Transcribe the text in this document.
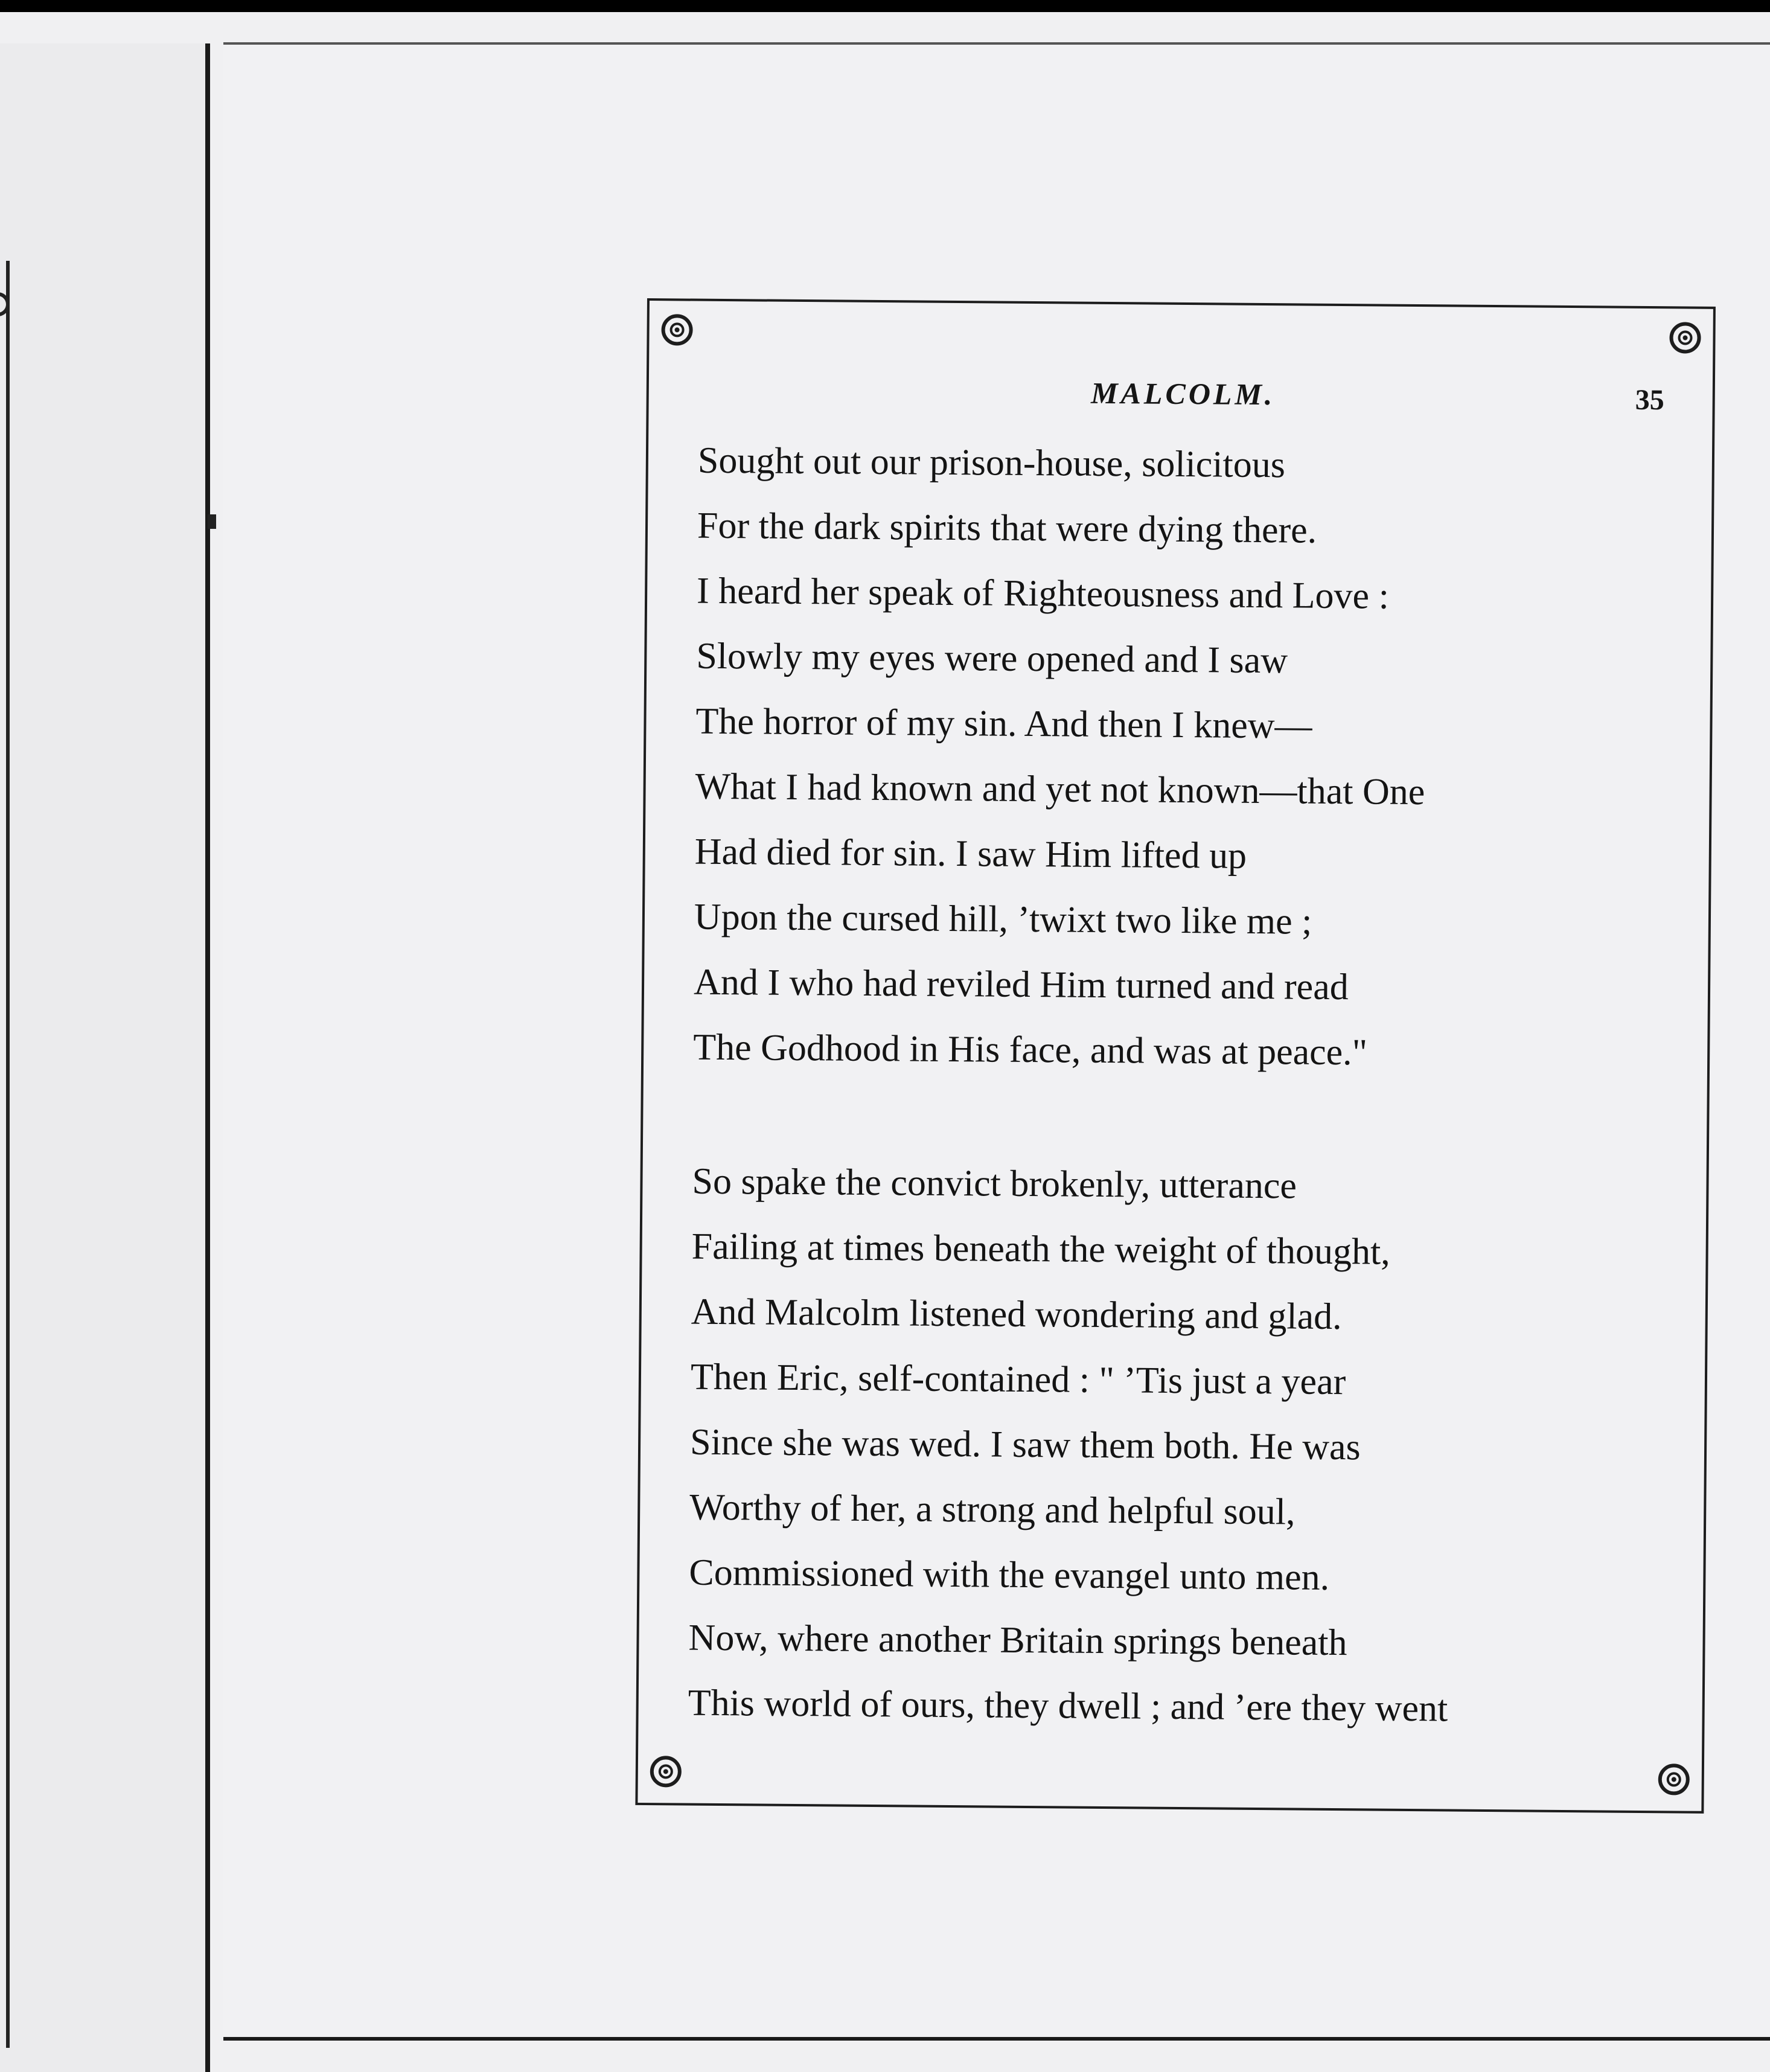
MALCOLM.	35
Sought out our prison-house, solicitous
For the dark spirits that were dying there.
I heard her speak of Righteousness and Love :
Slowly my eyes were opened and I saw
The horror of my sin. And then I knew—
What I had known and yet not known—that One
Had died for sin. I saw Him lifted up
Upon the cursed hill, ’twixt two like me ;
And I who had reviled Him turned and read
The Godhood in His face, and was at peace."
So spake the convict brokenly, utterance
Failing at times beneath the weight of thought,
And Malcolm listened wondering and glad.
Then Eric, self-contained : " ’Tis just a year
Since she was wed. I saw them both. He was
Worthy of her, a strong and helpful soul,
Commissioned with the evangel unto men.
Now, where another Britain springs beneath
This world of ours, they dwell ; and ’ere they went
